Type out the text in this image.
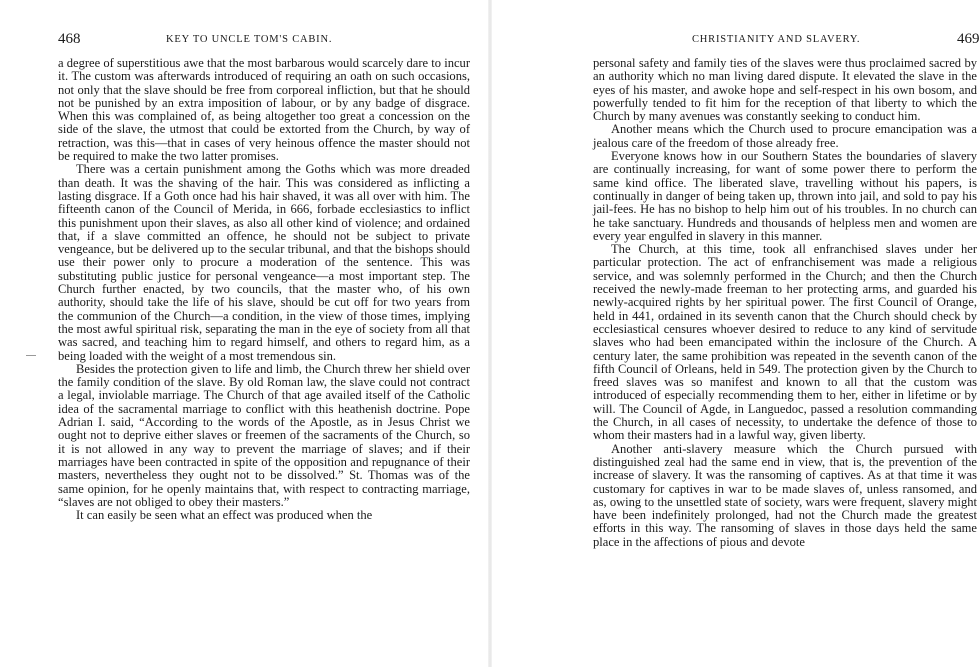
468	KEY TO UNCLE TOM'S CABIN.

a degree of superstitious awe that the most barbarous would scarcely dare to incur it. The custom was afterwards introduced of requiring an oath on such occasions, not only that the slave should be free from corporeal infliction, but that he should not be punished by an extra imposition of labour, or by any badge of disgrace. When this was complained of, as being altogether too great a concession on the side of the slave, the utmost that could be extorted from the Church, by way of retraction, was this—that in cases of very heinous offence the master should not be required to make the two latter promises.

There was a certain punishment among the Goths which was more dreaded than death. It was the shaving of the hair. This was considered as inflicting a lasting disgrace. If a Goth once had his hair shaved, it was all over with him. The fifteenth canon of the Council of Merida, in 666, forbade ecclesiastics to inflict this punishment upon their slaves, as also all other kind of violence; and ordained that, if a slave committed an offence, he should not be subject to private vengeance, but be delivered up to the secular tribunal, and that the bishops should use their power only to procure a moderation of the sentence. This was substituting public justice for personal vengeance—a most important step. The Church further enacted, by two councils, that the master who, of his own authority, should take the life of his slave, should be cut off for two years from the communion of the Church—a condition, in the view of those times, implying the most awful spiritual risk, separating the man in the eye of society from all that was sacred, and teaching him to regard himself, and others to regard him, as a being loaded with the weight of a most tremendous sin.

Besides the protection given to life and limb, the Church threw her shield over the family condition of the slave. By old Roman law, the slave could not contract a legal, inviolable marriage. The Church of that age availed itself of the Catholic idea of the sacramental marriage to conflict with this heathenish doctrine. Pope Adrian I. said, “According to the words of the Apostle, as in Jesus Christ we ought not to deprive either slaves or freemen of the sacraments of the Church, so it is not allowed in any way to prevent the marriage of slaves; and if their marriages have been contracted in spite of the opposition and repugnance of their masters, nevertheless they ought not to be dissolved.” St. Thomas was of the same opinion, for he openly maintains that, with respect to contracting marriage, “slaves are not obliged to obey their masters.”

It can easily be seen what an effect was produced when the

CHRISTIANITY AND SLAVERY.	469

personal safety and family ties of the slaves were thus proclaimed sacred by an authority which no man living dared dispute. It elevated the slave in the eyes of his master, and awoke hope and self-respect in his own bosom, and powerfully tended to fit him for the reception of that liberty to which the Church by many avenues was constantly seeking to conduct him.

Another means which the Church used to procure emancipation was a jealous care of the freedom of those already free.

Everyone knows how in our Southern States the boundaries of slavery are continually increasing, for want of some power there to perform the same kind office. The liberated slave, travelling without his papers, is continually in danger of being taken up, thrown into jail, and sold to pay his jail-fees. He has no bishop to help him out of his troubles. In no church can he take sanctuary. Hundreds and thousands of helpless men and women are every year engulfed in slavery in this manner.

The Church, at this time, took all enfranchised slaves under her particular protection. The act of enfranchisement was made a religious service, and was solemnly performed in the Church; and then the Church received the newly-made freeman to her protecting arms, and guarded his newly-acquired rights by her spiritual power. The first Council of Orange, held in 441, ordained in its seventh canon that the Church should check by ecclesiastical censures whoever desired to reduce to any kind of servitude slaves who had been emancipated within the inclosure of the Church. A century later, the same prohibition was repeated in the seventh canon of the fifth Council of Orleans, held in 549. The protection given by the Church to freed slaves was so manifest and known to all that the custom was introduced of especially recommending them to her, either in lifetime or by will. The Council of Agde, in Languedoc, passed a resolution commanding the Church, in all cases of necessity, to undertake the defence of those to whom their masters had in a lawful way, given liberty.

Another anti-slavery measure which the Church pursued with distinguished zeal had the same end in view, that is, the prevention of the increase of slavery. It was the ransoming of captives. As at that time it was customary for captives in war to be made slaves of, unless ransomed, and as, owing to the unsettled state of society, wars were frequent, slavery might have been indefinitely prolonged, had not the Church made the greatest efforts in this way. The ransoming of slaves in those days held the same place in the affections of pious and devote
